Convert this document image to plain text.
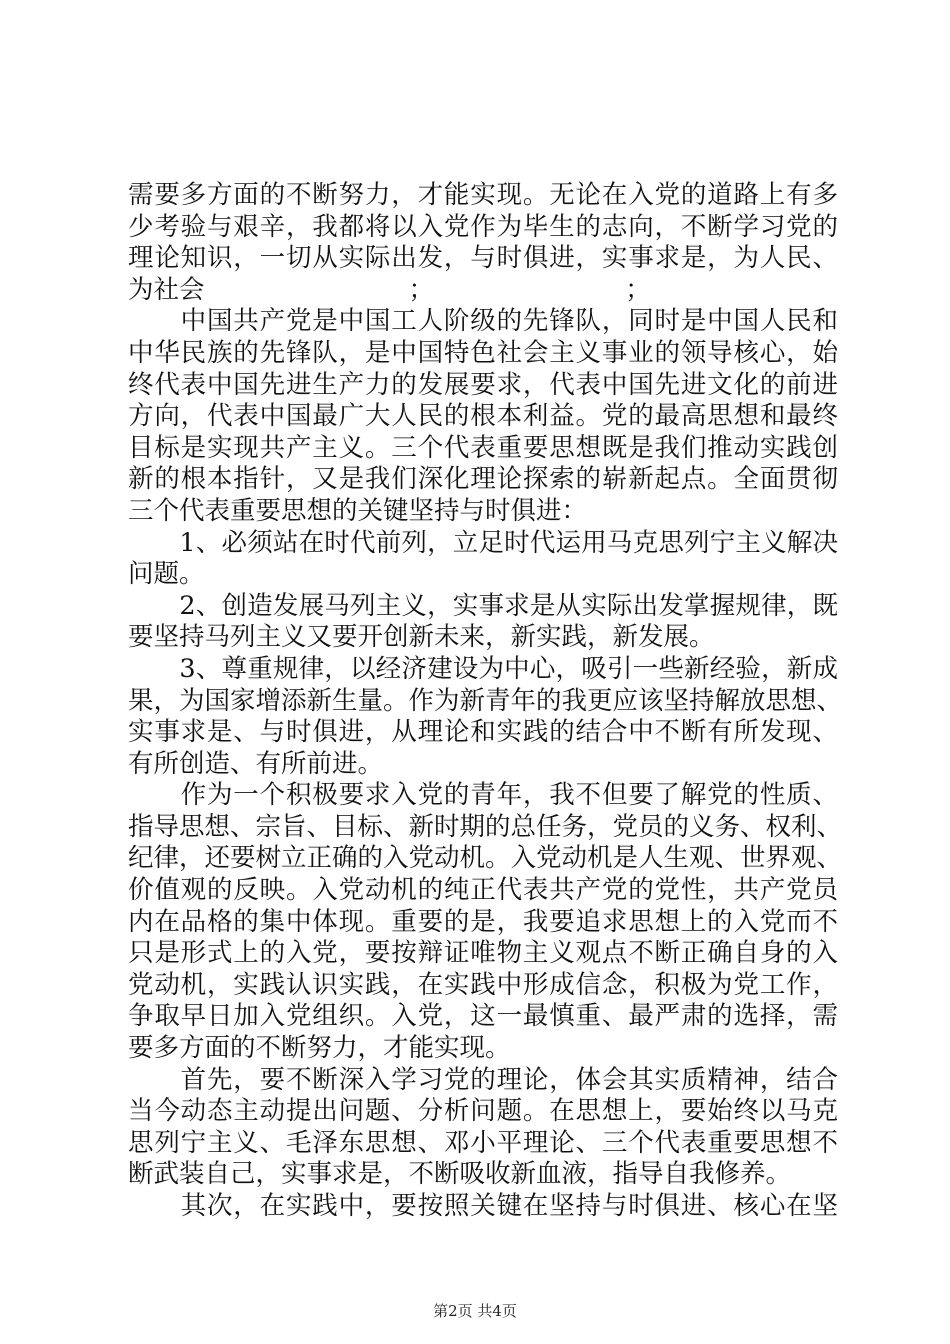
需要多方面的不断努力，才能实现。无论在入党的道路上有多
少考验与艰辛，我都将以入党作为毕生的志向，不断学习党的
理论知识，一切从实际出发，与时俱进，实事求是，为人民、
为社会　　　　　　　　；　　　　　　　　；
　　中国共产党是中国工人阶级的先锋队，同时是中国人民和
中华民族的先锋队，是中国特色社会主义事业的领导核心，始
终代表中国先进生产力的发展要求，代表中国先进文化的前进
方向，代表中国最广大人民的根本利益。党的最高思想和最终
目标是实现共产主义。三个代表重要思想既是我们推动实践创
新的根本指针，又是我们深化理论探索的崭新起点。全面贯彻
三个代表重要思想的关键坚持与时俱进：
　　1、必须站在时代前列，立足时代运用马克思列宁主义解决
问题。
　　2、创造发展马列主义，实事求是从实际出发掌握规律，既
要坚持马列主义又要开创新未来，新实践，新发展。
　　3、尊重规律，以经济建设为中心，吸引一些新经验，新成
果，为国家增添新生量。作为新青年的我更应该坚持解放思想、
实事求是、与时俱进，从理论和实践的结合中不断有所发现、
有所创造、有所前进。
　　作为一个积极要求入党的青年，我不但要了解党的性质、
指导思想、宗旨、目标、新时期的总任务，党员的义务、权利、
纪律，还要树立正确的入党动机。入党动机是人生观、世界观、
价值观的反映。入党动机的纯正代表共产党的党性，共产党员
内在品格的集中体现。重要的是，我要追求思想上的入党而不
只是形式上的入党，要按辩证唯物主义观点不断正确自身的入
党动机，实践认识实践，在实践中形成信念，积极为党工作，
争取早日加入党组织。入党，这一最慎重、最严肃的选择，需
要多方面的不断努力，才能实现。
　　首先，要不断深入学习党的理论，体会其实质精神，结合
当今动态主动提出问题、分析问题。在思想上，要始终以马克
思列宁主义、毛泽东思想、邓小平理论、三个代表重要思想不
断武装自己，实事求是，不断吸收新血液，指导自我修养。
　　其次，在实践中，要按照关键在坚持与时俱进、核心在坚
第2页 共4页
